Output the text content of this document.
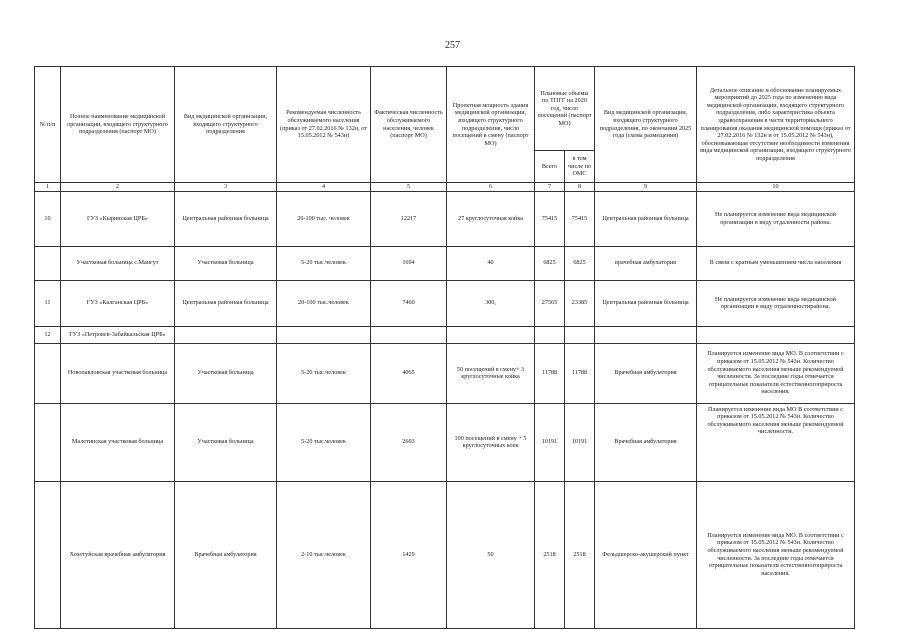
257
№ п/п	Полное наименование медицинской организации, входящего структурного подразделения (паспорт МО)	Вид медицинской организации, входящего структурного подразделения	Рекомендуемая численность обслуживаемого населения (приказ от 27.02.2016 № 132н, от 15.05.2012 № 543н)	Фактическая численность обслуживаемого населения, человек (паспорт МО)	Проектная мощность здания медицинской организации, входящего структурного подразделения, число посещений в смену (паспорт МО)	Плановые объемы по ТПГГ на 2020 год, число посещений (паспорт МО)		Вид медицинской организации, входящего структурного подразделения, по окончании 2025 года (схема размещения)	Детальное описание и обоснование планируемых мероприятий до 2025 года по изменению вида медицинской организации, входящего структурного подразделения, либо характеристика объекта здравоохранения в части территориального планирования оказания медицинской помощи (приказ от 27.02.2016 № 132н и от 15.05.2012 № 543н), обосновывающая отсутствие необходимости изменения вида медицинской организации, входящего структурного подразделения
						Всего	в том числе по ОМС		
1	2	3	4	5	6	7	8	9	10
10	ГУЗ «Кыринская ЦРБ»	Центральная районная больница	20-100 тыс. человек	12217	27 круглосуточная койка	75415	75415	Центральная районная больница	Не планируется изменение вида медицинской организации в виду отдаленности района.
	Участковая больница с.Мангут	Участковая больница	5-20 тыс.человек	1694	40	6825	6825	врачебная амбулатория	В связи с кратным уменьшением числа населения
11	ГУЗ «Калганская ЦРБ»	Центральная районная больница	20-100 тыс.человек	7460	300,	27565	23385	Центральная районная больница	Не планируется изменение вида медицинской организации в виду отдаленностирайона.
12	ГУЗ «Петровск-Забайкальская ЦРБ»								
	Новопавловская участковая больница	Участковая больница	5-20 тыс.человек	4065	50 посещений в смену+ 3 круглосуточные койка	11788	11788	Врачебная амбулатория	Планируется изменение вида МО. В соответствии с приказом от 15.05.2012 № 543н. Количество обслуживаемого населения меньше рекомендуемой численности. За последние годы отмечается отрицательные показатели естественногоприроста населения.
	Малетинская участковая больница	Участковая больница	5-20 тыс.человек	2603	100 посещений в смену + 5 круглосуточных коек	10191	10191	Врачебная амбулатория	Планируется изменение вида МО В соответствии с приказом от 15.05.2012 № 543н. Количество обслуживаемого населения меньше рекомендуемой численности.
	Хохотуйская врачебная амбулатория	Врачебная амбулатория	2-10 тыс.человек	1429	50	2518	2518	Фельдшерско-акушерский пункт	Планируется изменение вида МО. В соответствии с приказом от 15.05.2012 № 543н. Количество обслуживаемого населения меньше рекомендуемой численности. За последние годы отмечается отрицательные показатели естественногоприроста населения.
